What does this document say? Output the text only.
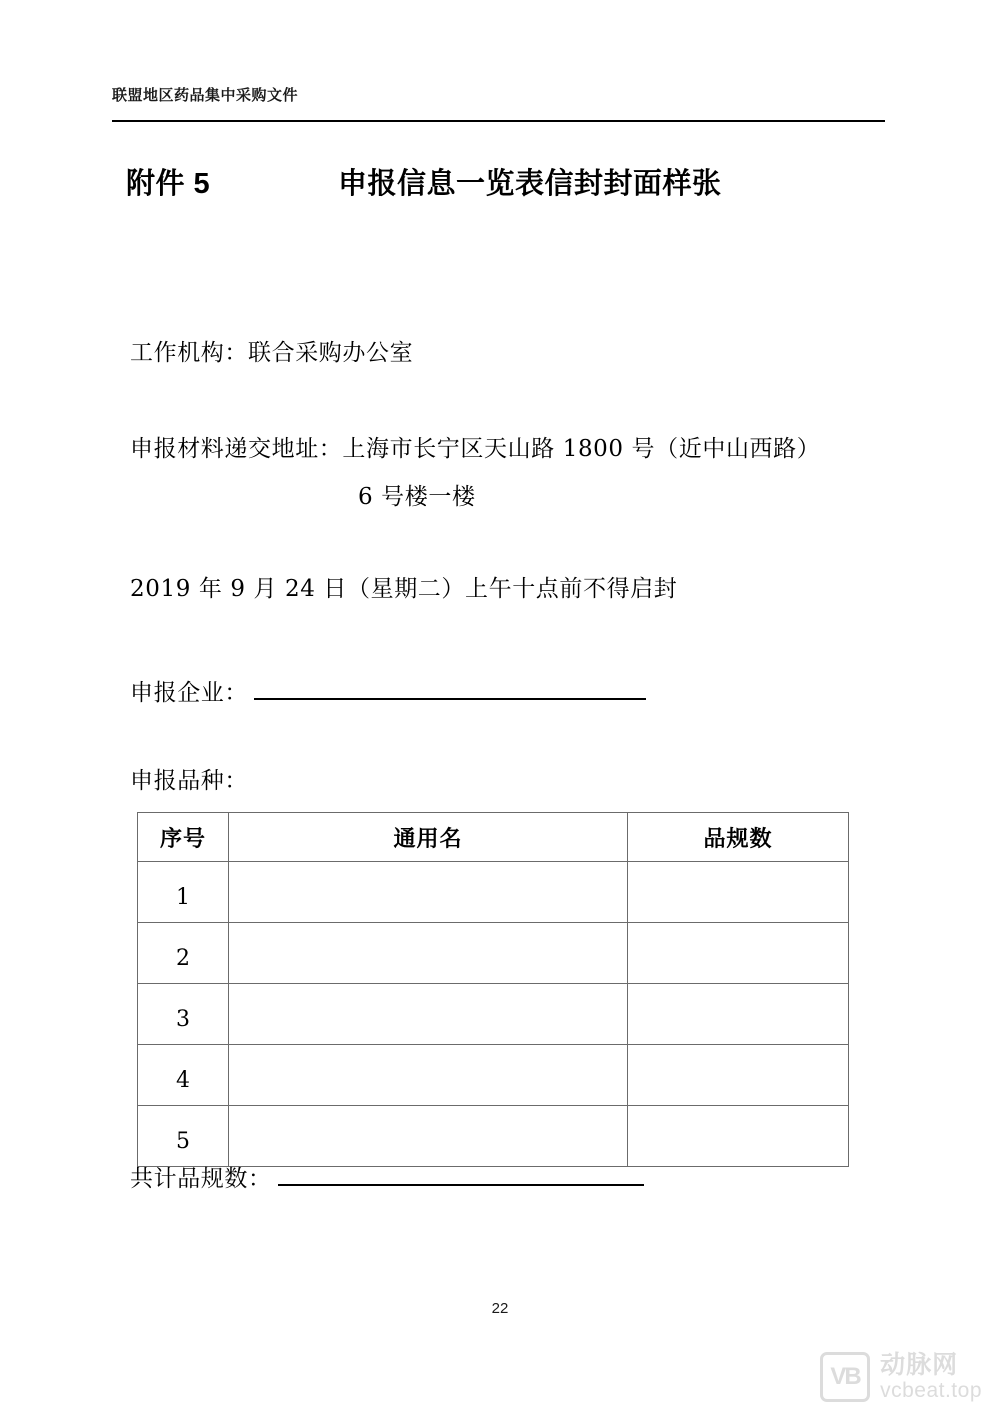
联盟地区药品集中采购文件
附件 5	申报信息一览表信封封面样张
工作机构：联合采购办公室
申报材料递交地址：上海市长宁区天山路 1800 号（近中山西路）
6 号楼一楼
2019 年 9 月 24 日（星期二）上午十点前不得启封
申报企业：
申报品种：
序号	通用名	品规数
1		
2		
3		
4		
5		
共计品规数：
22
VB 动脉网
vcbeat.top
